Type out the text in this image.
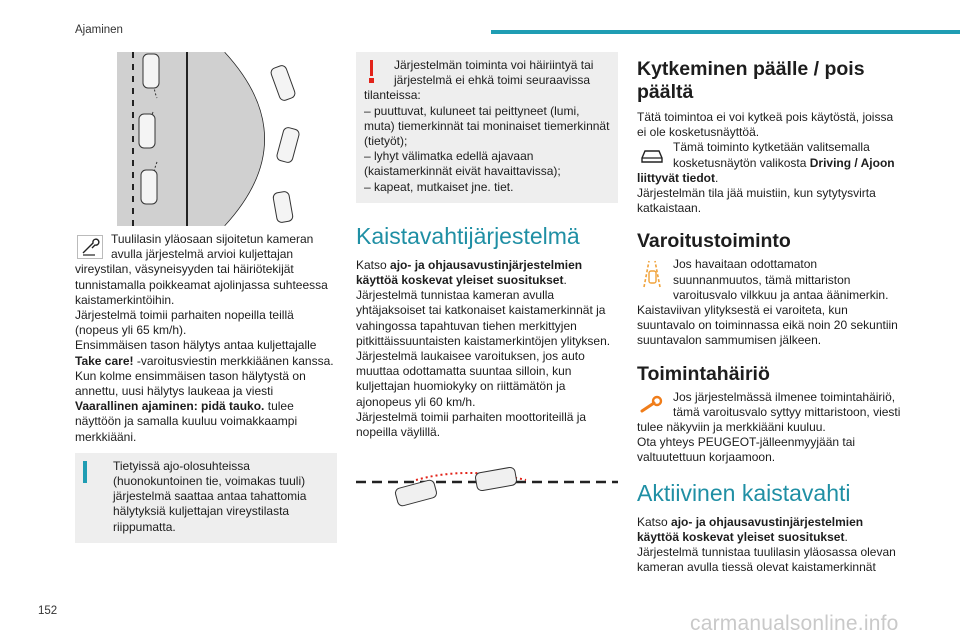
Ajaminen

Tuulilasin yläosaan sijoitetun kameran avulla järjestelmä arvioi kuljettajan vireystilan, väsyneisyyden tai häiriötekijät tunnistamalla poikkeamat ajolinjassa suhteessa kaistamerkintöihin.

Järjestelmä toimii parhaiten nopeilla teillä (nopeus yli 65 km/h).

Ensimmäisen tason hälytys antaa kuljettajalle Take care! -varoitusviestin merkkiäänen kanssa.

Kun kolme ensimmäisen tason hälytystä on annettu, uusi hälytys laukeaa ja viesti Vaarallinen ajaminen: pidä tauko. tulee näyttöön ja samalla kuuluu voimakkaampi merkkiääni.

Tietyissä ajo-olosuhteissa (huonokuntoinen tie, voimakas tuuli) järjestelmä saattaa antaa tahattomia hälytyksiä kuljettajan vireystilasta riippumatta.

Järjestelmän toiminta voi häiriintyä tai järjestelmä ei ehkä toimi seuraavissa

tilanteissa:

– puuttuvat, kuluneet tai peittyneet (lumi, muta) tiemerkinnät tai moninaiset tiemerkinnät (tietyöt);

– lyhyt välimatka edellä ajavaan (kaistamerkinnät eivät havaittavissa);

– kapeat, mutkaiset jne. tiet.

Kaistavahtijärjestelmä

Katso ajo- ja ohjausavustinjärjestelmien käyttöä koskevat yleiset suositukset.

Järjestelmä tunnistaa kameran avulla yhtäjaksoiset tai katkonaiset kaistamerkinnät ja vahingossa tapahtuvan tiehen merkittyjen pitkittäissuuntaisten kaistamerkintöjen ylityksen.

Järjestelmä laukaisee varoituksen, jos auto muuttaa odottamatta suuntaa silloin, kun kuljettajan huomiokyky on riittämätön ja ajonopeus yli 60 km/h.

Järjestelmä toimii parhaiten moottoriteillä ja nopeilla väylillä.

Kytkeminen päälle / pois päältä

Tätä toimintoa ei voi kytkeä pois käytöstä, joissa ei ole kosketusnäyttöä.

Tämä toiminto kytketään valitsemalla kosketusnäytön valikosta Driving / Ajoon
liittyvät tiedot.

Järjestelmän tila jää muistiin, kun sytytysvirta katkaistaan.

Varoitustoiminto

Jos havaitaan odottamaton suunnanmuutos, tämä mittariston varoitusvalo vilkkuu ja antaa äänimerkin.

Kaistaviivan ylityksestä ei varoiteta, kun suuntavalo on toiminnassa eikä noin 20 sekuntiin suuntavalon sammumisen jälkeen.

Toimintahäiriö

Jos järjestelmässä ilmenee toimintahäiriö, tämä varoitusvalo syttyy mittaristoon, viesti tulee näkyviin ja merkkiääni kuuluu.

Ota yhteys PEUGEOT-jälleenmyyjään tai valtuutettuun korjaamoon.

Aktiivinen kaistavahti

Katso ajo- ja ohjausavustinjärjestelmien käyttöä koskevat yleiset suositukset.

Järjestelmä tunnistaa tuulilasin yläosassa olevan kameran avulla tiessä olevat kaistamerkinnät

152
carmanualsonline.info
